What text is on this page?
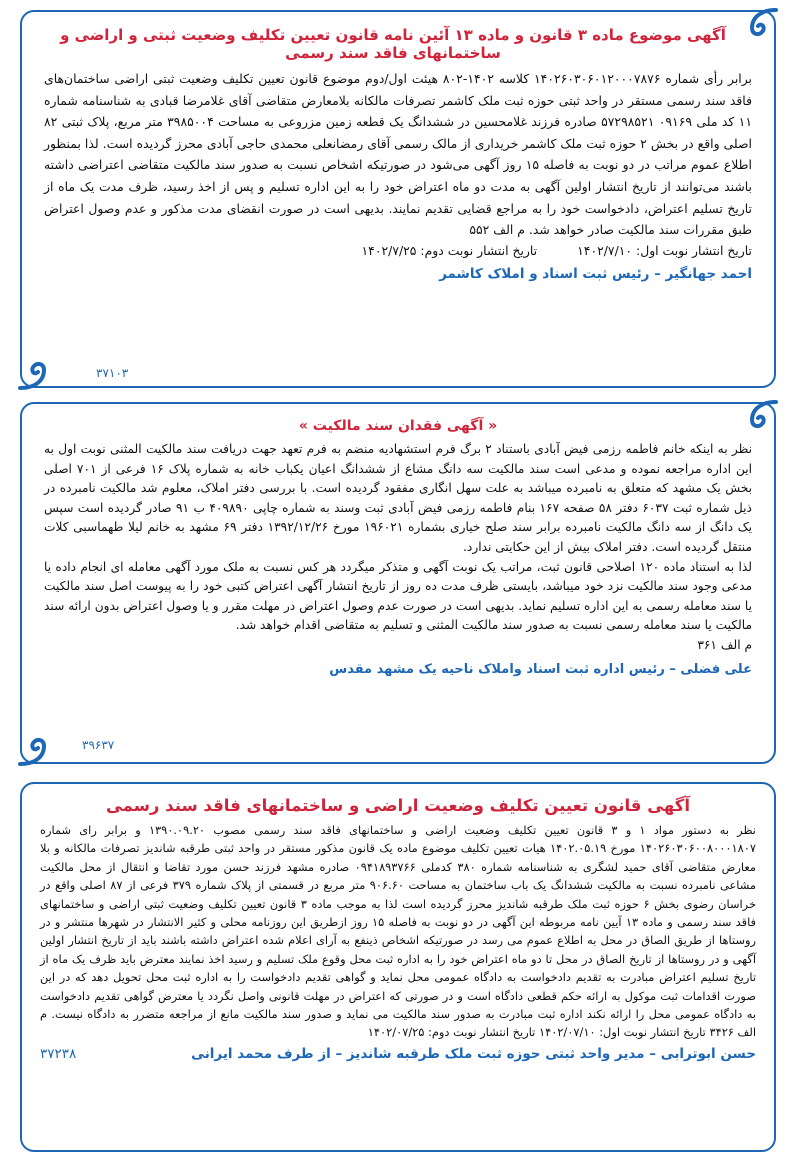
آگهی موضوع ماده ۳ قانون و ماده ۱۳ آئین نامه قانون تعیین تکلیف وضعیت ثبتی و اراضی و ساختمانهای فاقد سند رسمی
برابر رأی شماره ۱۴۰۲۶۰۳۰۶۰۱۲۰۰۰۷۸۷۶ کلاسه ۱۴۰۲-۸۰۲ هیئت اول/دوم موضوع قانون تعیین تکلیف وضعیت ثبتی اراضی ساختمان‌های فاقد سند رسمی مستقر در واحد ثبتی حوزه ثبت ملک کاشمر تصرفات مالکانه بلامعارض متقاضی آقای غلامرضا قبادی به شناسنامه شماره ۱۱ کد ملی ۰۹۱۶۹ ۵۷۲۹۸۵۲۱ صادره فرزند غلامحسین در ششدانگ یک قطعه زمین مزروعی به مساحت ۳۹۸۵۰۰۴ متر مربع، پلاک ثبتی ۸۲ اصلی واقع در بخش ۲ حوزه ثبت ملک کاشمر خریداری از مالک رسمی آقای رمضانعلی محمدی حاجی آبادی محرز گردیده است. لذا بمنظور اطلاع عموم مراتب در دو نوبت به فاصله ۱۵ روز آگهی می‌شود در صورتیکه اشخاص نسبت به صدور سند مالکیت متقاضی اعتراضی داشته باشند می‌توانند از تاریخ انتشار اولین آگهی به مدت دو ماه اعتراض خود را به این اداره تسلیم و پس از اخذ رسید، ظرف مدت یک ماه از تاریخ تسلیم اعتراض، دادخواست خود را به مراجع قضایی تقدیم نمایند. بدیهی است در صورت انقضای مدت مذکور و عدم وصول اعتراض طبق مقررات سند مالکیت صادر خواهد شد. م الف ۵۵۲
تاریخ انتشار نوبت اول: ۱۴۰۲/۷/۱۰
تاریخ انتشار نوبت دوم: ۱۴۰۲/۷/۲۵
احمد جهانگیر – رئیس ثبت اسناد و املاک کاشمر
۳۷۱۰۳
« آگهی فقدان سند مالکیت »
نظر به اینکه خانم فاطمه رزمی فیض آبادی باستناد ۲ برگ فرم استشهادیه منضم به فرم تعهد جهت دریافت سند مالکیت المثنی نوبت اول به این اداره مراجعه نموده و مدعی است سند مالکیت سه دانگ مشاع از ششدانگ اعیان یکباب خانه به شماره پلاک ۱۶ فرعی از ۷۰۱ اصلی بخش یک مشهد که متعلق به نامبرده میباشد به علت سهل انگاری مفقود گردیده است. با بررسی دفتر املاک، معلوم شد مالکیت نامبرده در ذیل شماره ثبت ۶۰۳۷ دفتر ۵۸ صفحه ۱۶۷ بنام فاطمه رزمی فیض آبادی ثبت وسند به شماره چاپی ۴۰۹۸۹۰ ب ۹۱ صادر گردیده است سپس یک دانگ از سه دانگ مالکیت نامبرده برابر سند صلح خیاری بشماره ۱۹۶۰۲۱ مورخ ۱۳۹۲/۱۲/۲۶ دفتر ۶۹ مشهد به خانم لیلا طهماسبی کلات منتقل گردیده است. دفتر املاک بیش از این حکایتی ندارد.
لذا به استناد ماده ۱۲۰ اصلاحی قانون ثبت، مراتب یک نوبت آگهی و متذکر میگردد هر کس نسبت به ملک مورد آگهی معامله ای انجام داده یا مدعی وجود سند مالکیت نزد خود میباشد، بایستی ظرف مدت ده روز از تاریخ انتشار آگهی اعتراض کتبی خود را به پیوست اصل سند مالکیت یا سند معامله رسمی به این اداره تسلیم نماید. بدیهی است در صورت عدم وصول اعتراض در مهلت مقرر و یا وصول اعتراض بدون ارائه سند مالکیت یا سند معامله رسمی نسبت به صدور سند مالکیت المثنی و تسلیم به متقاضی اقدام خواهد شد.
م الف ۳۶۱
علی فضلی – رئیس اداره ثبت اسناد واملاک ناحیه یک مشهد مقدس
۳۹۶۳۷
آگهی قانون تعیین تکلیف وضعیت اراضی و ساختمانهای فاقد سند رسمی
نظر به دستور مواد ۱ و ۳ قانون تعیین تکلیف وضعیت اراضی و ساختمانهای فاقد سند رسمی مصوب ۱۳۹۰.۰۹.۲۰ و برابر رای شماره ۱۴۰۲۶۰۳۰۶۰۰۸۰۰۰۱۸۰۷ مورخ ۱۴۰۲.۰۵.۱۹ هیات تعیین تکلیف موضوع ماده یک قانون مذکور مستقر در واحد ثبتی طرقبه شاندیز تصرفات مالکانه و بلا معارض متقاضی آقای حمید لشگری به شناسنامه شماره ۳۸۰ کدملی ۰۹۴۱۸۹۳۷۶۶ صادره مشهد فرزند حسن مورد تقاضا و انتقال از محل مالکیت مشاعی نامبرده نسبت به مالکیت ششدانگ یک باب ساختمان به مساحت ۹۰۶.۶۰ متر مربع در قسمتی از پلاک شماره ۳۷۹ فرعی از ۸۷ اصلی واقع در خراسان رضوی بخش ۶ حوزه ثبت ملک طرقبه شاندیز محرز گردیده است لذا به موجب ماده ۳ قانون تعیین تکلیف وضعیت ثبتی اراضی و ساختمانهای فاقد سند رسمی و ماده ۱۳ آیین نامه مربوطه این آگهی در دو نوبت به فاصله ۱۵ روز ازطریق این روزنامه محلی و کثیر الانتشار در شهرها منتشر و در روستاها از طریق الصاق در محل به اطلاع عموم می رسد در صورتیکه اشخاص ذینفع به آرای اعلام شده اعتراض داشته باشند باید از تاریخ انتشار اولین آگهی و در روستاها از تاریخ الصاق در محل تا دو ماه اعتراض خود را به اداره ثبت محل وقوع ملک تسلیم و رسید اخذ نمایند معترض باید ظرف یک ماه از تاریخ تسلیم اعتراض مبادرت به تقدیم دادخواست به دادگاه عمومی محل نماید و گواهی تقدیم دادخواست را به اداره ثبت محل تحویل دهد که در این صورت اقدامات ثبت موکول به ارائه حکم قطعی دادگاه است و در صورتی که اعتراض در مهلت قانونی واصل نگردد یا معترض گواهی تقدیم دادخواست به دادگاه عمومی محل را ارائه نکند اداره ثبت مبادرت به صدور سند مالکیت می نماید و صدور سند مالکیت مانع از مراجعه متضرر به دادگاه نیست. م الف ۳۴۲۶ تاریخ انتشار نوبت اول: ۱۴۰۲/۰۷/۱۰ تاریخ انتشار نوبت دوم: ۱۴۰۲/۰۷/۲۵
حسن ابوترابی – مدیر واحد ثبتی حوزه ثبت ملک طرقبه شاندیز – از طرف محمد ایرانی
۳۷۲۳۸
